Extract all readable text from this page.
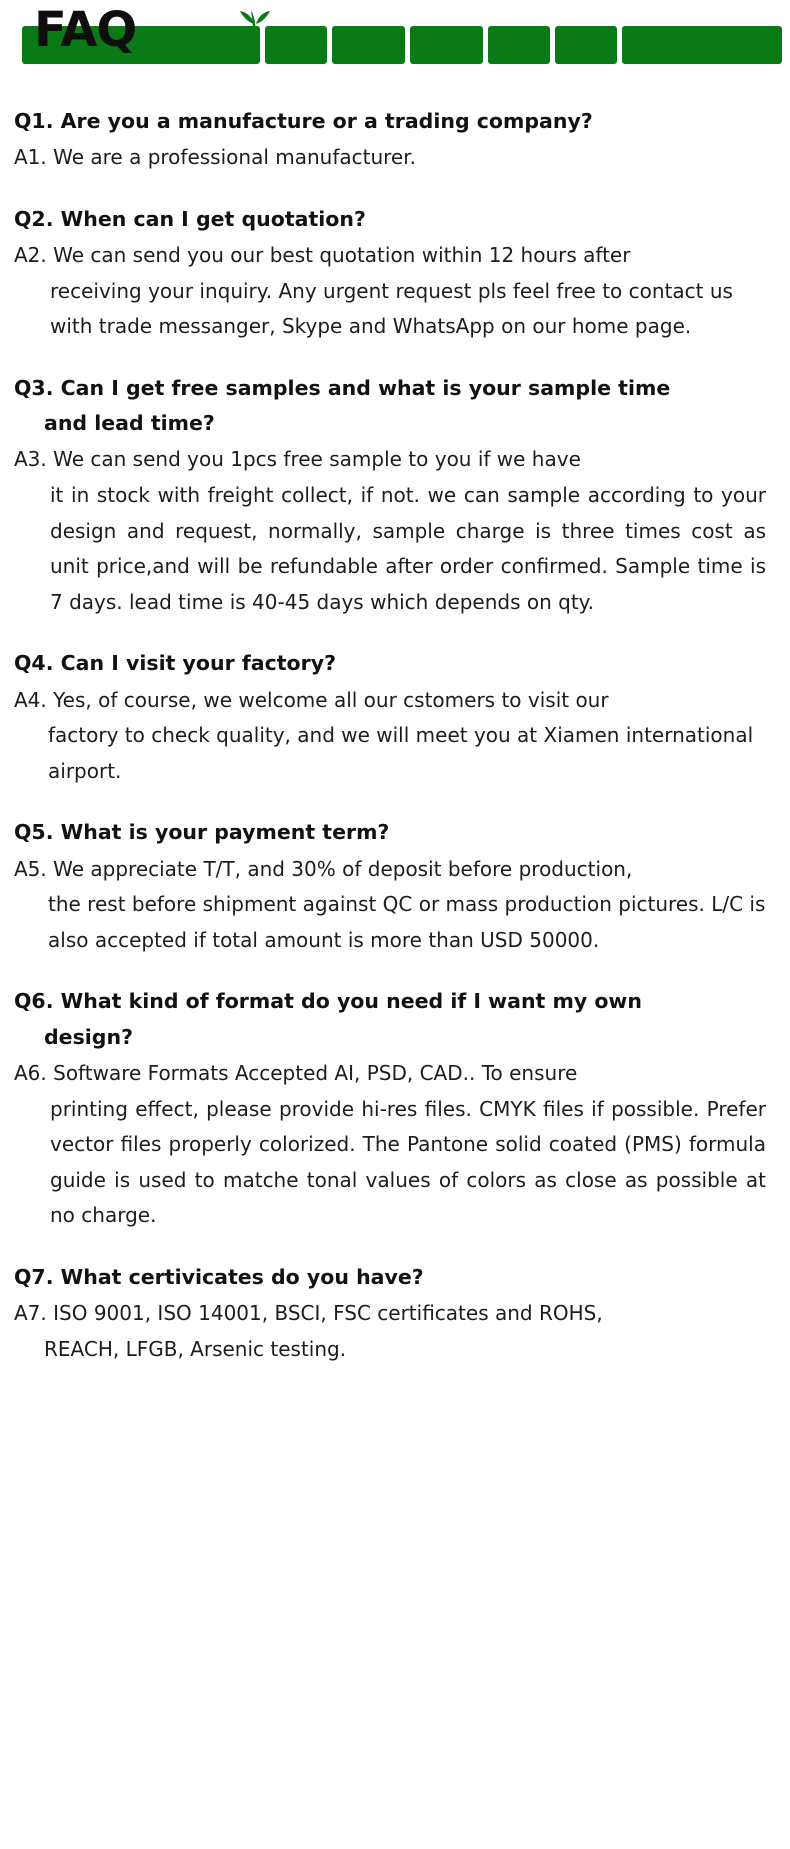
FAQ
Q1. Are you a manufacture or a trading company?
A1. We are a professional manufacturer.
Q2. When can I get quotation?
A2. We can send you our best quotation within 12 hours after
receiving your inquiry. Any urgent request pls feel free to contact us with trade messanger, Skype and WhatsApp on our home page.
Q3. Can I get free samples and what is your sample time
and lead time?
A3. We can send you 1pcs free sample to you if we have
it in stock with freight collect, if not. we can sample according to your design and request, normally, sample charge is three times cost as unit price,and will be refundable after order confirmed. Sample time is 7 days. lead time is 40-45 days which depends on qty.
Q4. Can I visit your factory?
A4. Yes, of course, we welcome all our cstomers to visit our
factory to check quality, and we will meet you at Xiamen international airport.
Q5. What is your payment term?
A5. We appreciate T/T, and 30% of deposit before production,
the rest before shipment against QC or mass production pictures. L/C is also accepted if total amount is more than USD 50000.
Q6. What kind of format do you need if I want my own
design?
A6. Software Formats Accepted AI, PSD, CAD.. To ensure
printing effect, please provide hi-res files. CMYK files if possible. Prefer vector files properly colorized. The Pantone solid coated (PMS) formula guide is used to matche tonal values of colors as close as possible at no charge.
Q7. What certivicates do you have?
A7. ISO 9001, ISO 14001, BSCI, FSC certificates and ROHS,
REACH, LFGB, Arsenic testing.
